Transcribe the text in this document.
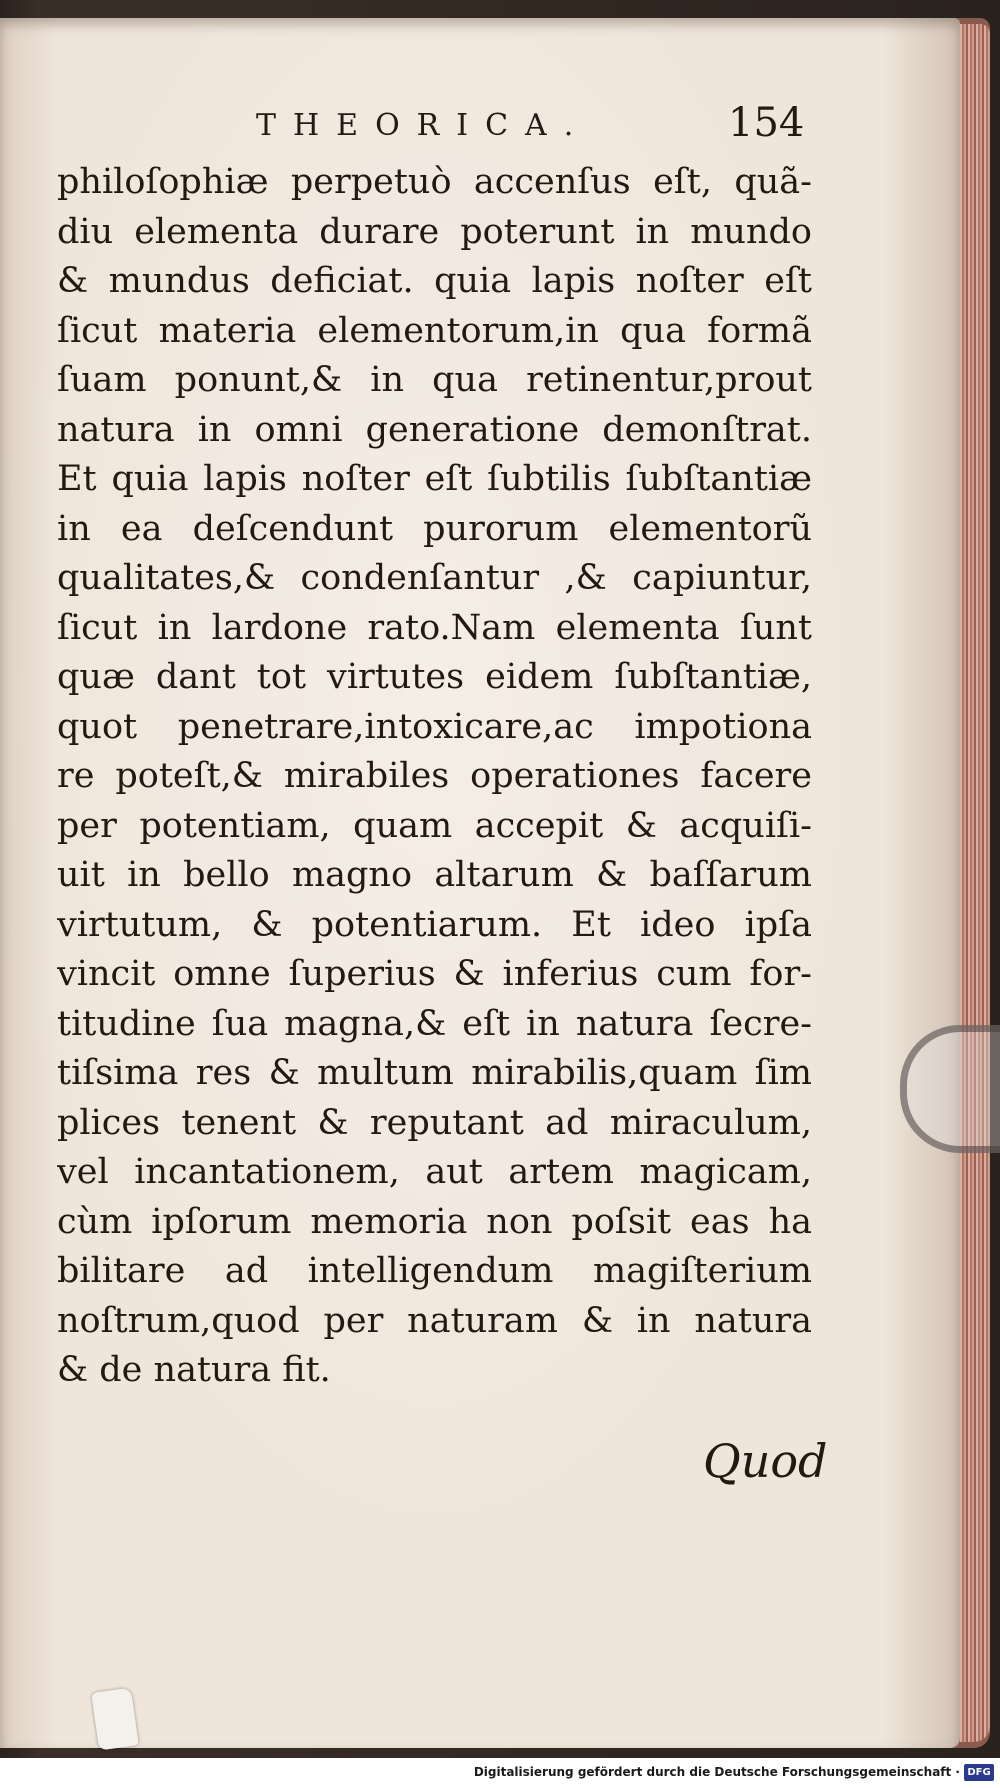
THEORICA.	154
philoſophiæ perpetuò accenſus eſt, quã-
diu elementa durare poterunt in mundo
& mundus deficiat. quia lapis noſter eſt
ſicut materia elementorum,in qua formã
ſuam ponunt,& in qua retinentur,prout
natura in omni generatione demonſtrat.
Et quia lapis noſter eſt ſubtilis ſubſtantiæ
in ea deſcendunt purorum elementorũ
qualitates,& condenſantur ,& capiuntur,
ſicut in lardone rato.Nam elementa ſunt
quæ dant tot virtutes eidem ſubſtantiæ,
quot penetrare,intoxicare,ac impotiona
re poteſt,& mirabiles operationes facere
per potentiam, quam accepit & acquiſi-
uit in bello magno altarum & baſſarum
virtutum, & potentiarum. Et ideo ipſa
vincit omne ſuperius & inferius cum for-
titudine ſua magna,& eſt in natura ſecre-
tiſsima res & multum mirabilis,quam ſim
plices tenent & reputant ad miraculum,
vel incantationem, aut artem magicam,
cùm ipſorum memoria non poſsit eas ha
bilitare ad intelligendum magiſterium
noſtrum,quod per naturam & in natura
& de natura fit.
Quod
Digitalisierung gefördert durch die Deutsche Forschungsgemeinschaft · DFG
